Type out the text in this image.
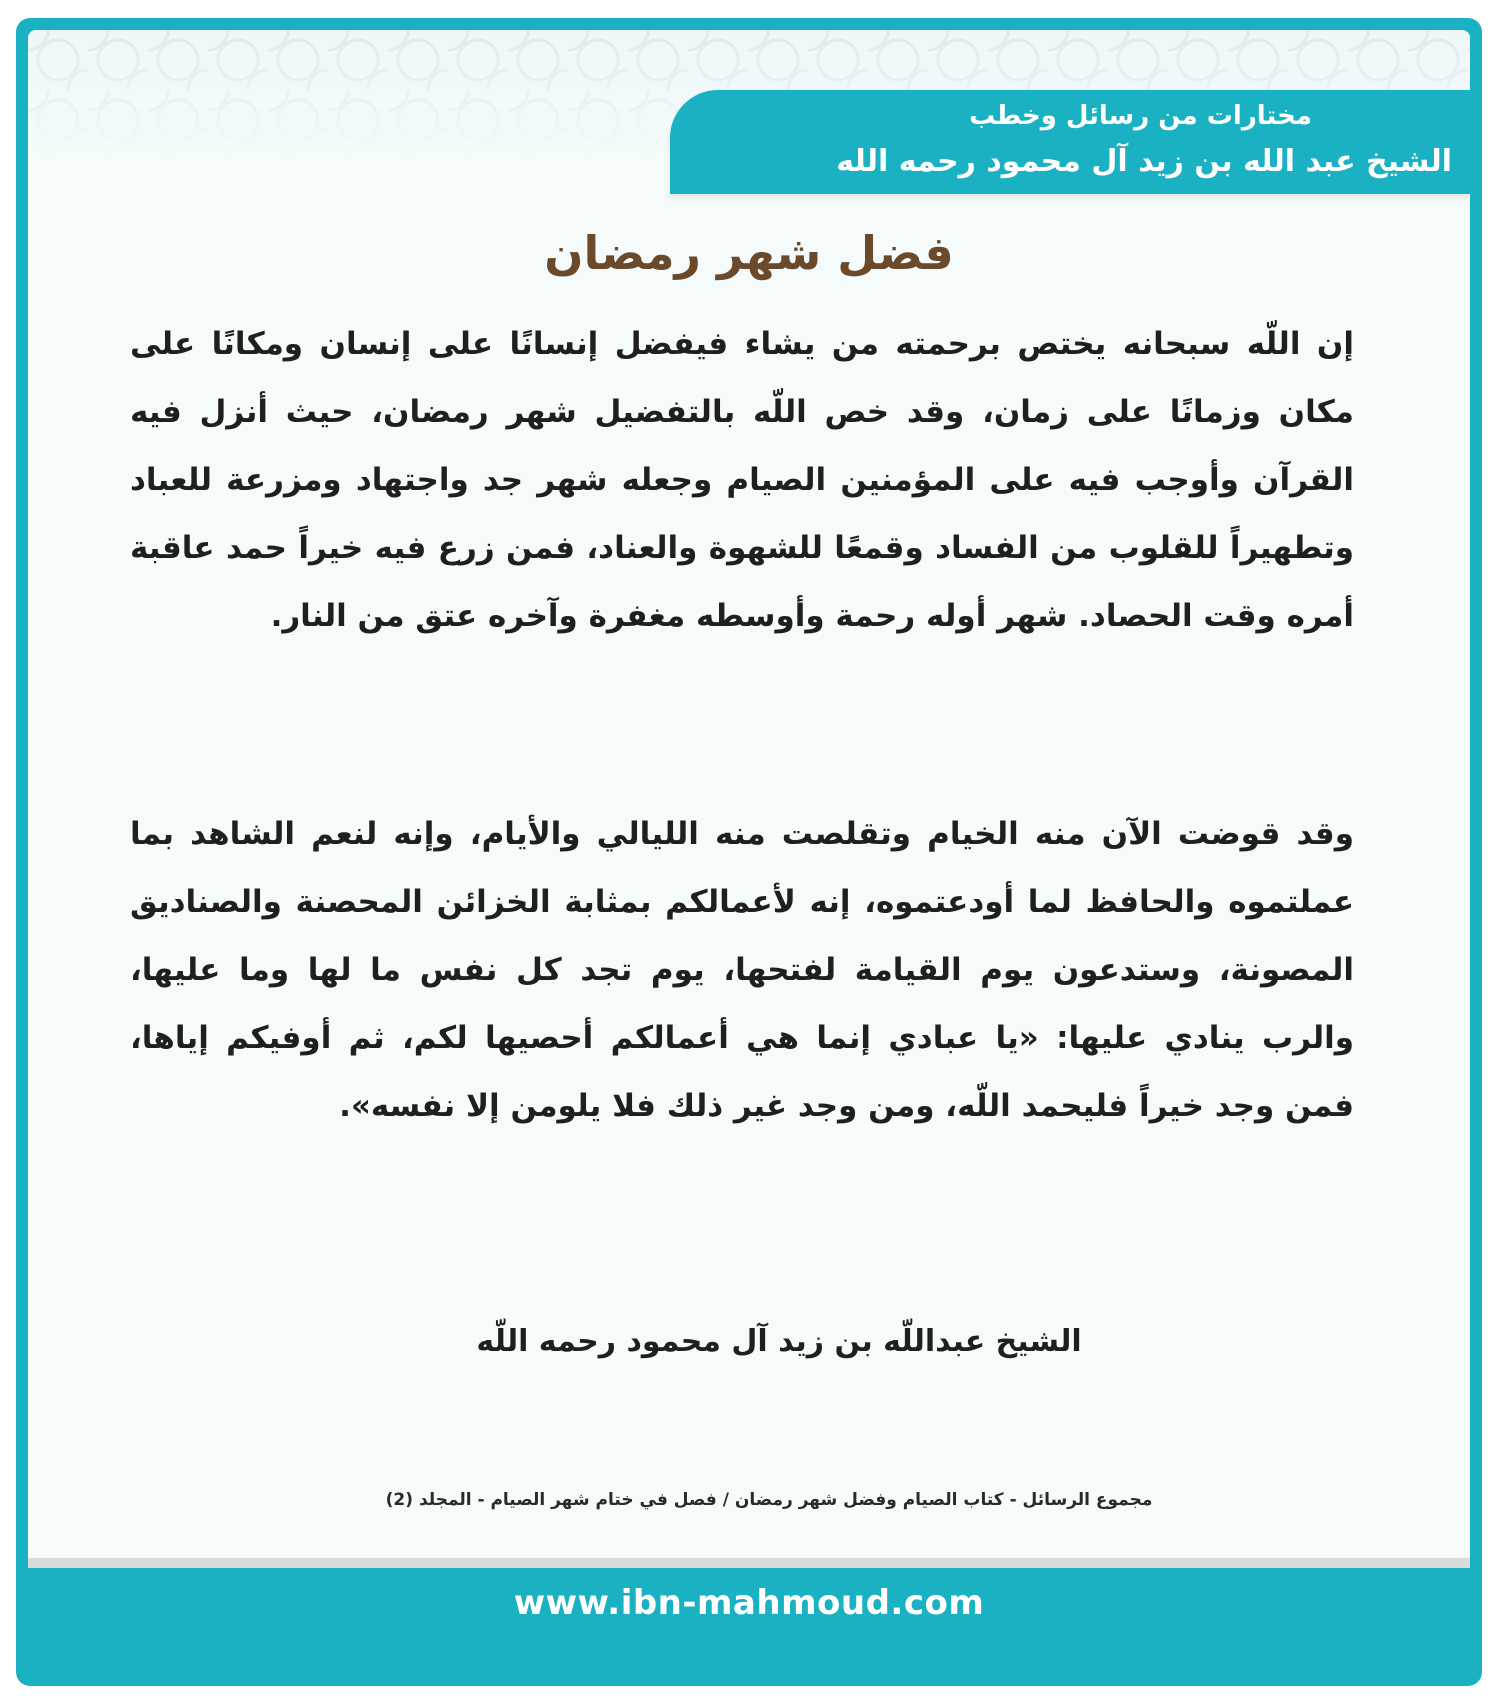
مختارات من رسائل وخطب
الشيخ عبد الله بن زيد آل محمود رحمه الله
فضل شهر رمضان

إن اللّه سبحانه يختص برحمته من يشاء فيفضل إنسانًا على إنسان ومكانًا على مكان وزمانًا على زمان، وقد خص اللّه بالتفضيل شهر رمضان، حيث أنزل فيه القرآن وأوجب فيه على المؤمنين الصيام وجعله شهر جد واجتهاد ومزرعة للعباد وتطهيراً للقلوب من الفساد وقمعًا للشهوة والعناد، فمن زرع فيه خيراً حمد عاقبة أمره وقت الحصاد. شهر أوله رحمة وأوسطه مغفرة وآخره عتق من النار.

وقد قوضت الآن منه الخيام وتقلصت منه الليالي والأيام، وإنه لنعم الشاهد بما عملتموه والحافظ لما أودعتموه، إنه لأعمالكم بمثابة الخزائن المحصنة والصناديق المصونة، وستدعون يوم القيامة لفتحها، يوم تجد كل نفس ما لها وما عليها، والرب ينادي عليها: «يا عبادي إنما هي أعمالكم أحصيها لكم، ثم أوفيكم إياها، فمن وجد خيراً فليحمد اللّه، ومن وجد غير ذلك فلا يلومن إلا نفسه».

الشيخ عبداللّه بن زيد آل محمود رحمه اللّه
مجموع الرسائل - كتاب الصيام وفضل شهر رمضان / فصل في ختام شهر الصيام - المجلد (2)
www.ibn-mahmoud.com
